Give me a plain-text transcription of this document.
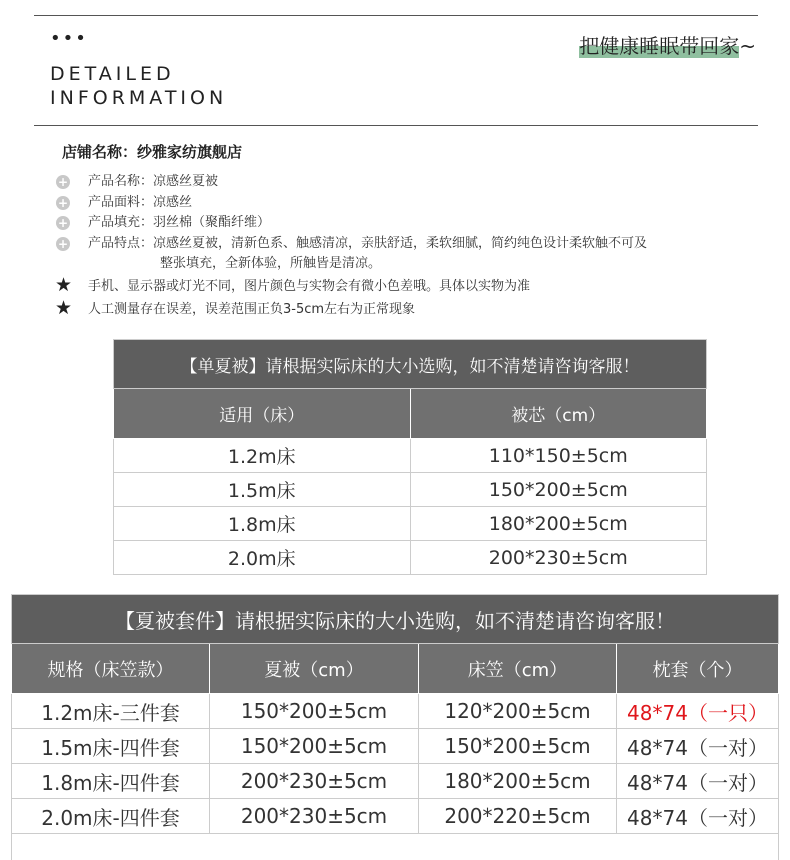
•••
DETAILED
INFORMATION
把健康睡眠带回家~
店铺名称：纱雅家纺旗舰店
+ 产品名称：凉感丝夏被
+ 产品面料：凉感丝
+ 产品填充：羽丝棉（聚酯纤维）
+ 产品特点：凉感丝夏被，清新色系、触感清凉，亲肤舒适，柔软细腻，简约纯色设计柔软触不可及
整张填充，全新体验，所触皆是清凉。
★ 手机、显示器或灯光不同，图片颜色与实物会有微小色差哦。具体以实物为准
★ 人工测量存在误差，误差范围正负3-5cm左右为正常现象
【单夏被】请根据实际床的大小选购，如不清楚请咨询客服！	
适用（床）	被芯（cm）
1.2m床	110*150±5cm
1.5m床	150*200±5cm
1.8m床	180*200±5cm
2.0m床	200*230±5cm
【夏被套件】请根据实际床的大小选购，如不清楚请咨询客服！			
规格（床笠款）	夏被（cm）	床笠（cm）	枕套（个）
1.2m床-三件套	150*200±5cm	120*200±5cm	48*74（一只）
1.5m床-四件套	150*200±5cm	150*200±5cm	48*74（一对）
1.8m床-四件套	200*230±5cm	180*200±5cm	48*74（一对）
2.0m床-四件套	200*230±5cm	200*220±5cm	48*74（一对）
